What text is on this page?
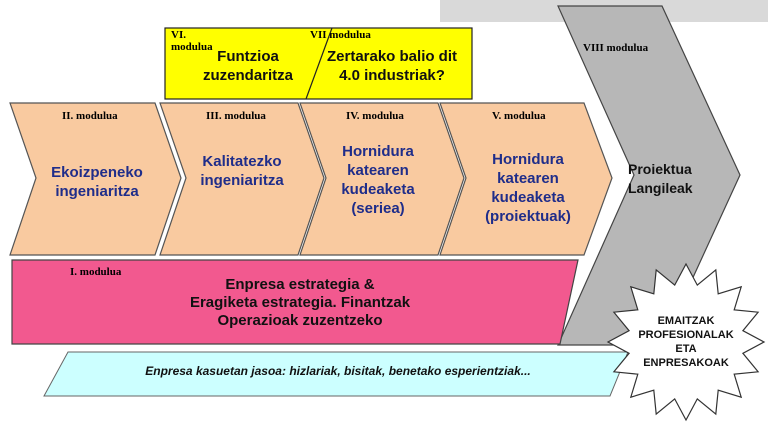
VI.
modulua
Funtzioa
zuzendaritza
VII modulua
Zertarako balio dit
4.0 industriak?
II. modulua
Ekoizpeneko
ingeniaritza
III. modulua
Kalitatezko
ingeniaritza
IV. modulua
Hornidura
katearen
kudeaketa
(seriea)
V. modulua
Hornidura
katearen
kudeaketa
(proiektuak)
VIII modulua
Proiektua
Langileak
I. modulua
Enpresa estrategia &
Eragiketa estrategia. Finantzak
Operazioak zuzentzeko
Enpresa kasuetan jasoa: hizlariak, bisitak, benetako esperientziak...
EMAITZAK
PROFESIONALAK
ETA
ENPRESAKOAK
